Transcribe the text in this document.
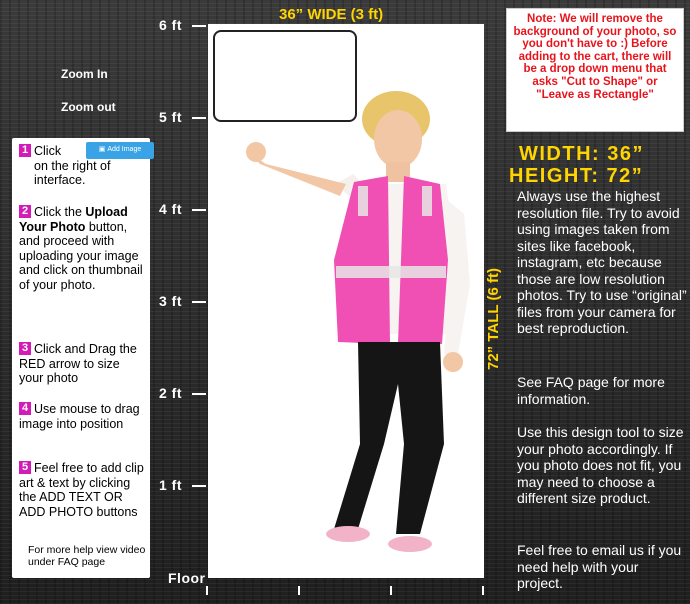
6 ft
5 ft
4 ft
3 ft
2 ft
1 ft
Floor
Zoom In
Zoom out
36” WIDE (3 ft)
72” TALL (6 ft)
1 Click
on the right of interface.
▣ Add Image
2 Click the Upload Your Photo button, and proceed with uploading your image and click on thumbnail of your photo.
3 Click and Drag the RED arrow to size your photo
4 Use mouse to drag image into position
5 Feel free to add clip art & text by clicking the ADD TEXT OR ADD PHOTO buttons
For more help view video under FAQ page
Note: We will remove the background of your photo, so you don't have to :) Before adding to the cart, there will be a drop down menu that asks "Cut to Shape" or "Leave as Rectangle"
WIDTH: 36”
HEIGHT: 72”
Always use the highest resolution file. Try to avoid using images taken from sites like facebook, instagram, etc because those are low resolution photos. Try to use “original” files from your camera for best reproduction.
See FAQ page for more information.
Use this design tool to size your photo accordingly. If you photo does not fit, you may need to choose a different size product.
Feel free to email us if you need help with your project.
